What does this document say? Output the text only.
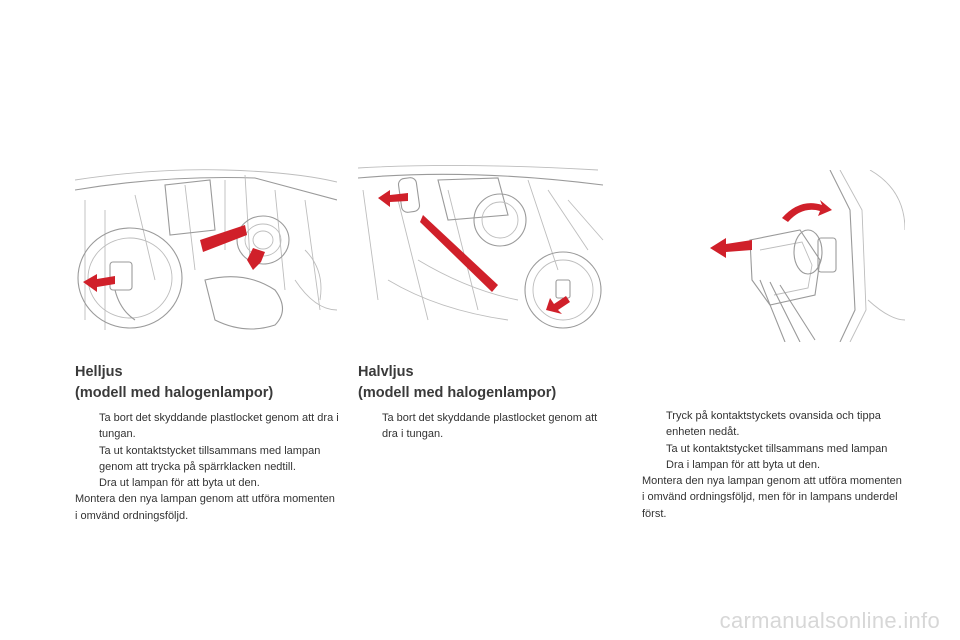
Helljus
(modell med halogenlampor)
Ta bort det skyddande plastlocket genom att dra i tungan.
Ta ut kontaktstycket tillsammans med lampan genom att trycka på spärrklacken nedtill.
Dra ut lampan för att byta ut den.

Montera den nya lampan genom att utföra momenten i omvänd ordningsföljd.

Halvljus
(modell med halogenlampor)
Ta bort det skyddande plastlocket genom att dra i tungan.
Tryck på kontaktstyckets ovansida och tippa enheten nedåt.
Ta ut kontaktstycket tillsammans med lampan
Dra i lampan för att byta ut den.

Montera den nya lampan genom att utföra momenten i omvänd ordningsföljd, men för in lampans underdel först.

carmanualsonline.info
